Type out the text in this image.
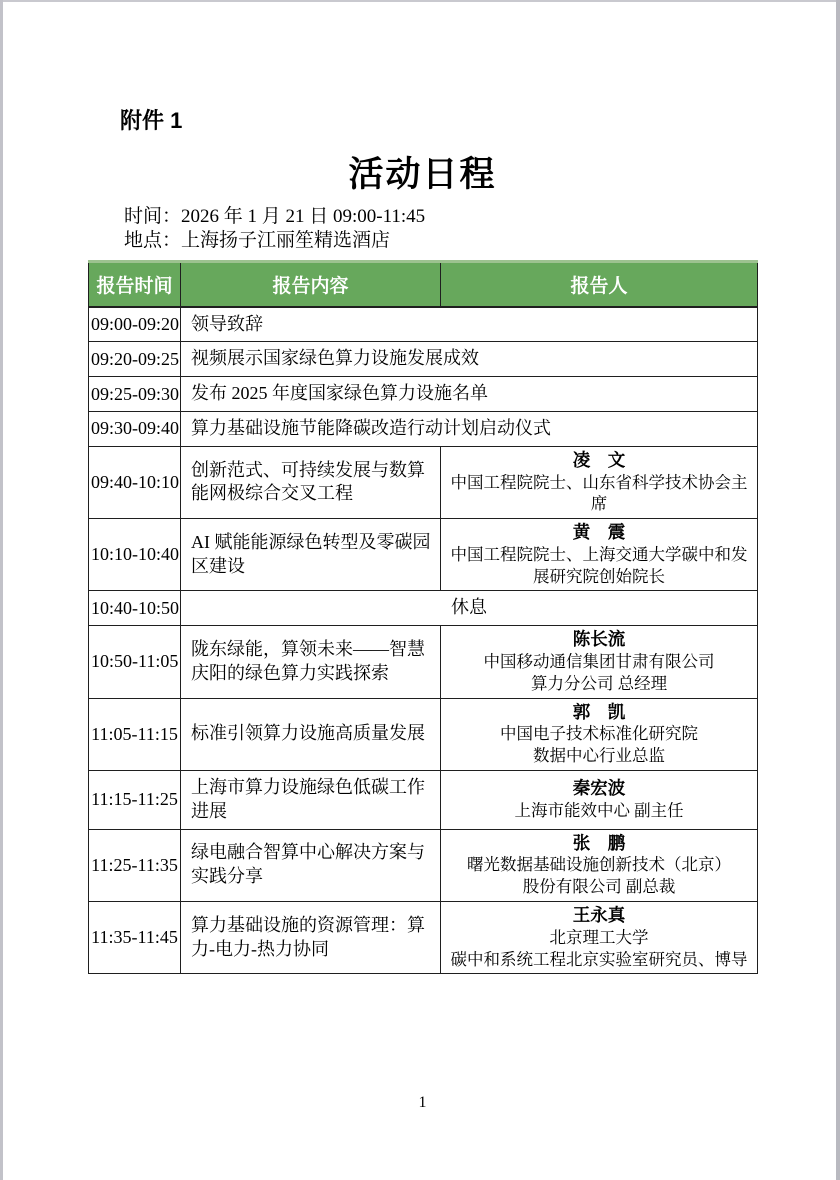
附件 1
活动日程
时间：2026 年 1 月 21 日 09:00-11:45
地点：上海扬子江丽笙精选酒店
报告时间	报告内容	报告人
09:00-09:20	领导致辞	
09:20-09:25	视频展示国家绿色算力设施发展成效	
09:25-09:30	发布 2025 年度国家绿色算力设施名单	
09:30-09:40	算力基础设施节能降碳改造行动计划启动仪式	
09:40-10:10	创新范式、可持续发展与数算能网极综合交叉工程	凌　文
中国工程院院士、山东省科学技术协会主席

10:10-10:40	AI 赋能能源绿色转型及零碳园区建设	黄　震
中国工程院院士、上海交通大学碳中和发展研究院创始院长

10:40-10:50	休息	
10:50-11:05	陇东绿能，算领未来——智慧庆阳的绿色算力实践探索	陈长流
中国移动通信集团甘肃有限公司
算力分公司 总经理

11:05-11:15	标准引领算力设施高质量发展	郭　凯
中国电子技术标准化研究院
数据中心行业总监

11:15-11:25	上海市算力设施绿色低碳工作进展	秦宏波
上海市能效中心 副主任

11:25-11:35	绿电融合智算中心解决方案与实践分享	张　鹏
曙光数据基础设施创新技术（北京）
股份有限公司 副总裁

11:35-11:45	算力基础设施的资源管理：算力-电力-热力协同	王永真
北京理工大学
碳中和系统工程北京实验室研究员、博导
1
